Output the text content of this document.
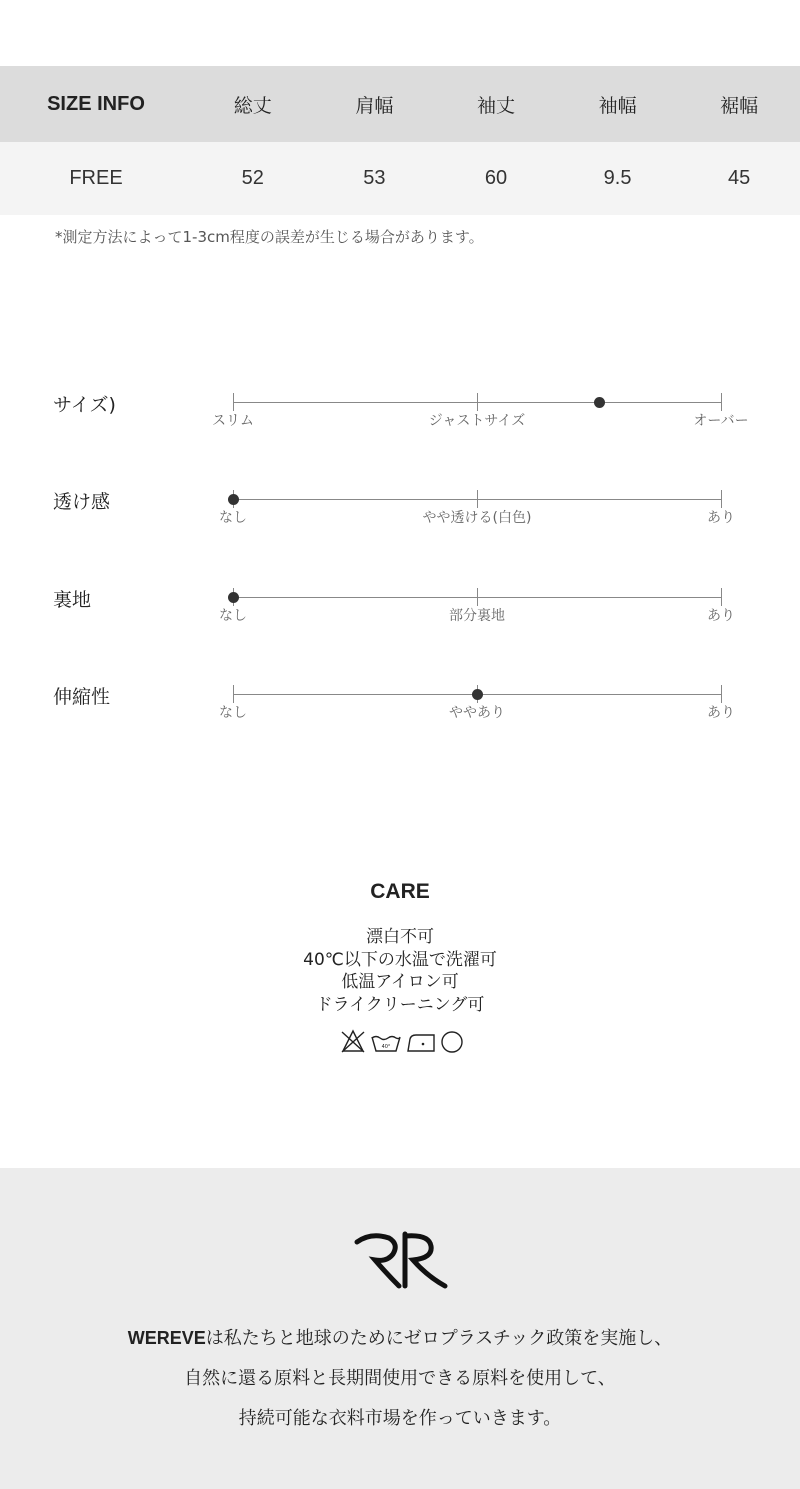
SIZE INFO	総丈	肩幅	袖丈	袖幅	裾幅
FREE	52	53	60	9.5	45
*測定方法によって1-3cm程度の誤差が生じる場合があります。
サイズ)
スリム	ジャストサイズ	オーバー
透け感
なし	やや透ける(白色)	あり
裏地
なし	部分裏地	あり
伸縮性
なし	ややあり	あり
CARE
漂白不可
40℃以下の水温で洗濯可
低温アイロン可
ドライクリーニング可
40°
WEREVEは私たちと地球のためにゼロプラスチック政策を実施し、
自然に還る原料と長期間使用できる原料を使用して、
持続可能な衣料市場を作っていきます。
